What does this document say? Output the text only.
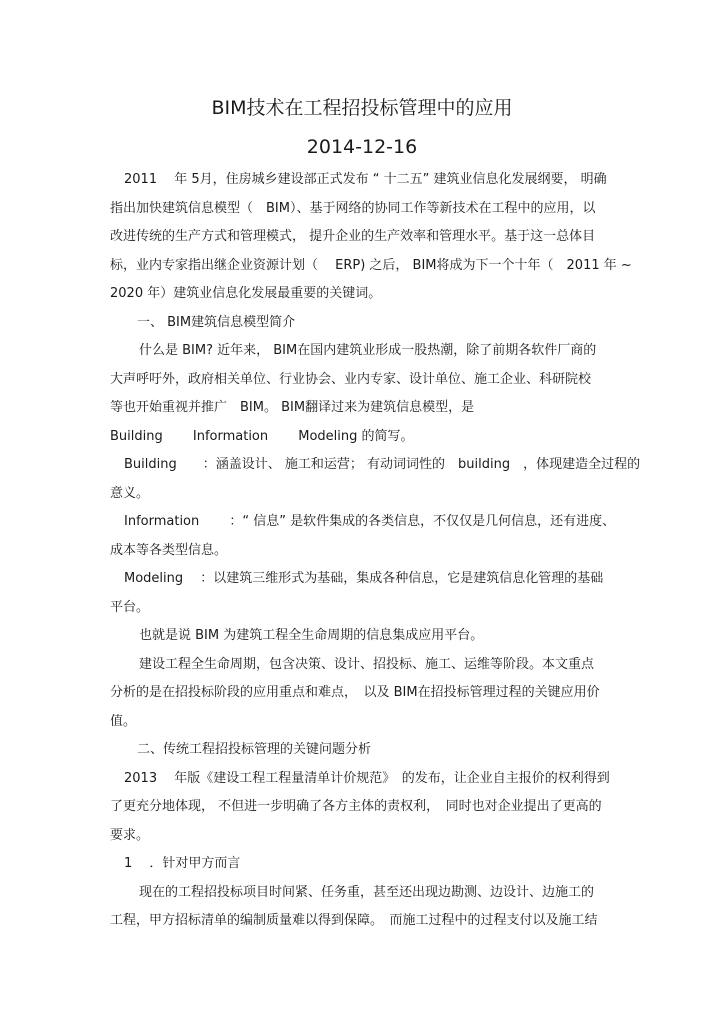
BIM技术在工程招投标管理中的应用
2014-12-16
2011　 年 5月，住房城乡建设部正式发布 “ 十二五” 建筑业信息化发展纲要， 明确
指出加快建筑信息模型（　BIM）、基于网络的协同工作等新技术在工程中的应用，以
改进传统的生产方式和管理模式， 提升企业的生产效率和管理水平。基于这一总体目
标，业内专家指出继企业资源计划（　 ERP) 之后， BIM将成为下一个十年（　2011 年 ~
2020 年）建筑业信息化发展最重要的关键词。
一、 BIM建筑信息模型简介
什么是 BIM? 近年来， BIM在国内建筑业形成一股热潮，除了前期各软件厂商的
大声呼吁外，政府相关单位、行业协会、业内专家、设计单位、施工企业、科研院校
等也开始重视并推广　BIM。 BIM翻译过来为建筑信息模型，是
Building　　 Information　　 Modeling 的简写。
Building　　：涵盖设计、 施工和运营； 有动词词性的　building　，体现建造全过程的
意义。
Information　　 ：“ 信息” 是软件集成的各类信息，不仅仅是几何信息，还有进度、
成本等各类型信息。
Modeling　 ：以建筑三维形式为基础，集成各种信息，它是建筑信息化管理的基础
平台。
也就是说 BIM 为建筑工程全生命周期的信息集成应用平台。
建设工程全生命周期，包含决策、设计、招投标、施工、运维等阶段。本文重点
分析的是在招投标阶段的应用重点和难点，　以及 BIM在招投标管理过程的关键应用价
值。
二、传统工程招投标管理的关键问题分析
2013　 年版《建设工程工程量清单计价规范》　的发布，让企业自主报价的权利得到
了更充分地体现， 不但进一步明确了各方主体的责权利，　同时也对企业提出了更高的
要求。
1　 ．针对甲方而言
现在的工程招投标项目时间紧、任务重，甚至还出现边勘测、边设计、边施工的
工程，甲方招标清单的编制质量难以得到保障。　而施工过程中的过程支付以及施工结
